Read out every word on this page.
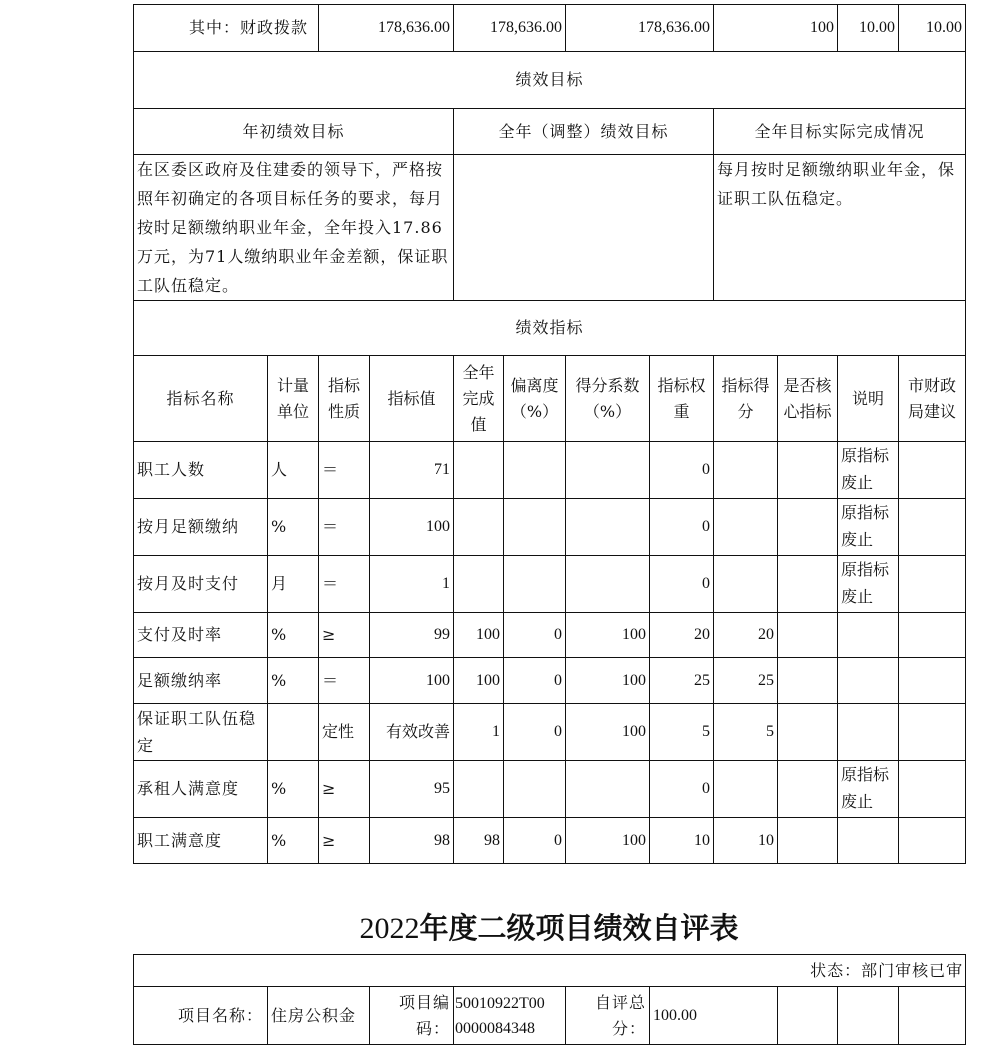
其中：财政拨款		178,636.00		178,636.00		178,636.00		100		10.00	10.00
绩效目标											
年初绩效目标				全年（调整）绩效目标				全年目标实际完成情况			
在区委区政府及住建委的领导下，严格按照年初确定的各项目标任务的要求，每月按时足额缴纳职业年金，全年投入17.86万元，为71人缴纳职业年金差额，保证职工队伍稳定。								每月按时足额缴纳职业年金，保证职工队伍稳定。			
绩效指标											
指标名称	计量单位	指标性质	指标值	全年完成值	偏离度（%）	得分系数（%）	指标权重	指标得分	是否核心指标	说明	市财政局建议
职工人数	人	＝	71				0			原指标废止	
按月足额缴纳	%	＝	100				0			原指标废止	
按月及时支付	月	＝	1				0			原指标废止	
支付及时率	%	≥	99	100	0	100	20	20			
足额缴纳率	%	＝	100	100	0	100	25	25			
保证职工队伍稳定		定性	有效改善	1	0	100	5	5			
承租人满意度	%	≥	95				0			原指标废止	
职工满意度	%	≥	98	98	0	100	10	10			
2022年度二级项目绩效自评表
状态：部门审核已审
项目名称：	住房公积金	项目编码：	
50010922T00
0000084348
	自评总分：	100.00			
